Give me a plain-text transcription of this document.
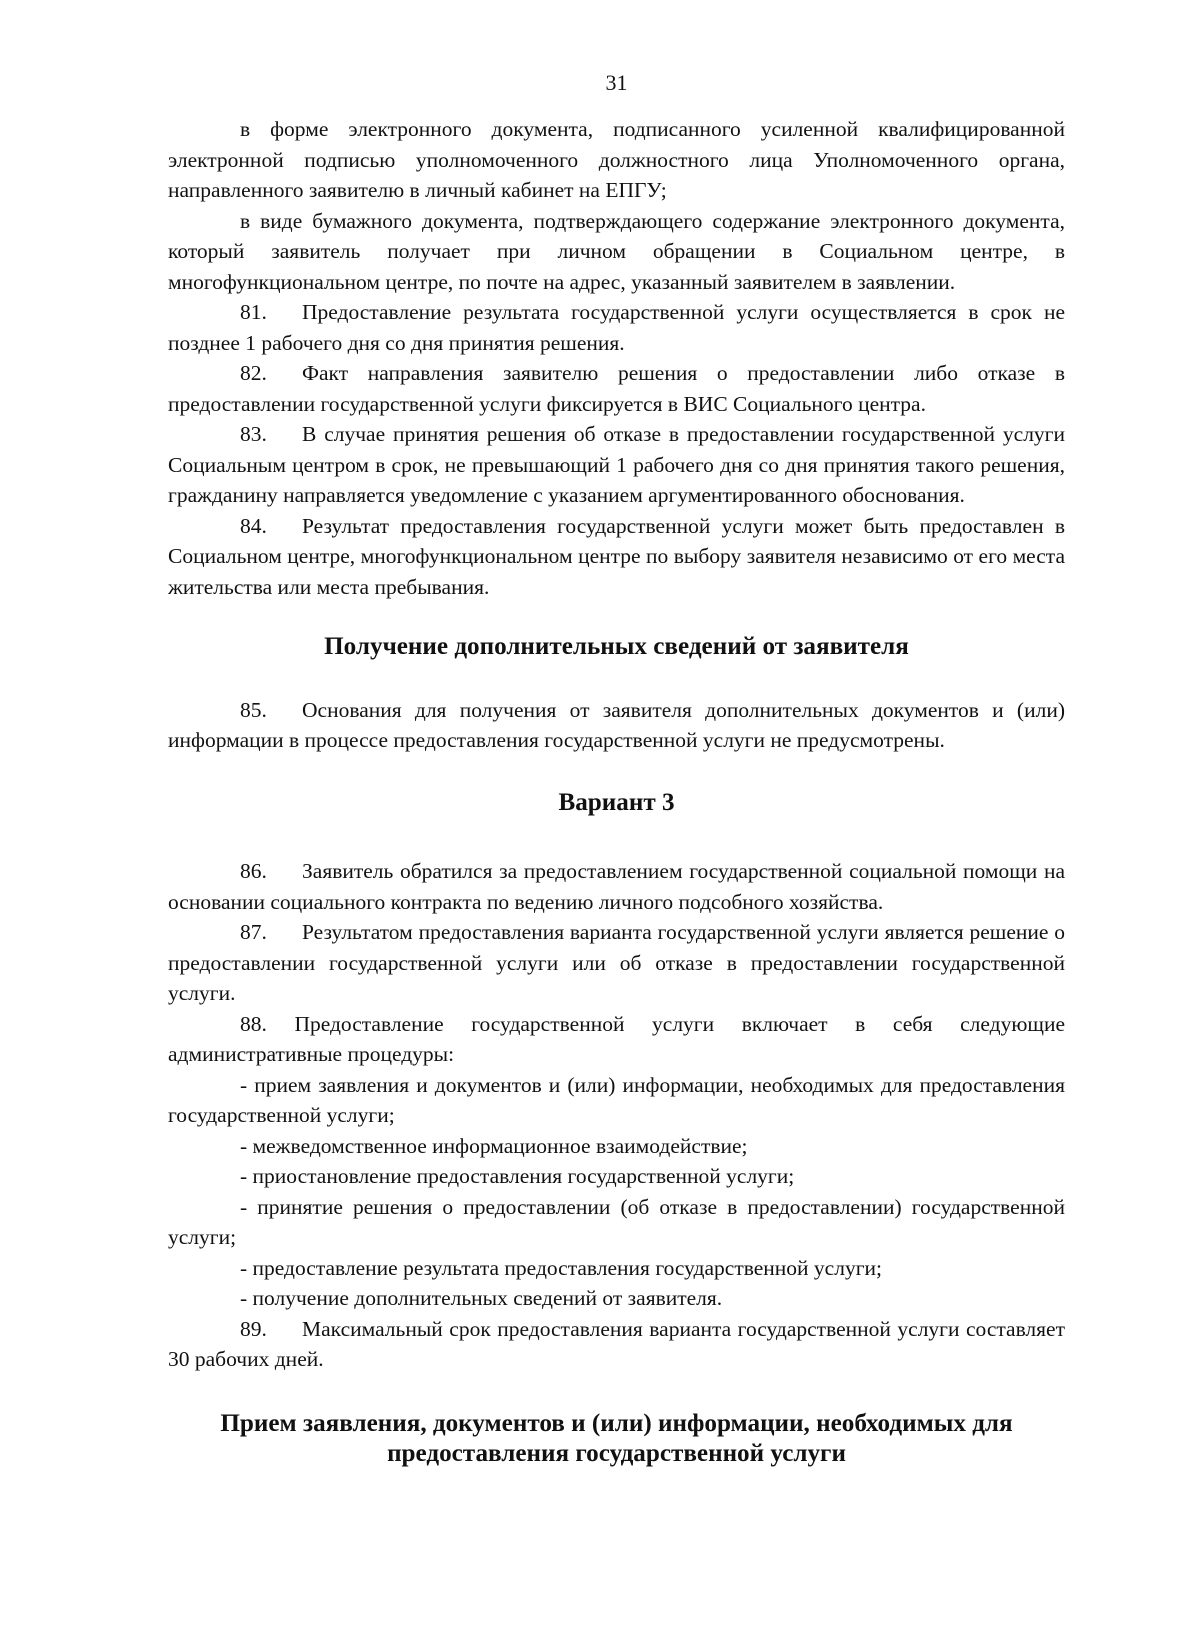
31

в форме электронного документа, подписанного усиленной квалифицированной электронной подписью уполномоченного должностного лица Уполномоченного органа, направленного заявителю в личный кабинет на ЕПГУ;

в виде бумажного документа, подтверждающего содержание электронного документа, который заявитель получает при личном обращении в Социальном центре, в многофункциональном центре, по почте на адрес, указанный заявителем в заявлении.

81. Предоставление результата государственной услуги осуществляется в срок не позднее 1 рабочего дня со дня принятия решения.

82. Факт направления заявителю решения о предоставлении либо отказе в предоставлении государственной услуги фиксируется в ВИС Социального центра.

83. В случае принятия решения об отказе в предоставлении государственной услуги Социальным центром в срок, не превышающий 1 рабочего дня со дня принятия такого решения, гражданину направляется уведомление с указанием аргументированного обоснования.

84. Результат предоставления государственной услуги может быть предоставлен в Социальном центре, многофункциональном центре по выбору заявителя независимо от его места жительства или места пребывания.

Получение дополнительных сведений от заявителя

85. Основания для получения от заявителя дополнительных документов и (или) информации в процессе предоставления государственной услуги не предусмотрены.

Вариант 3

86. Заявитель обратился за предоставлением государственной социальной помощи на основании социального контракта по ведению личного подсобного хозяйства.

87. Результатом предоставления варианта государственной услуги является решение о предоставлении государственной услуги или об отказе в предоставлении государственной услуги.

88. Предоставление государственной услуги включает в себя следующие административные процедуры:

- прием заявления и документов и (или) информации, необходимых для предоставления государственной услуги;

- межведомственное информационное взаимодействие;

- приостановление предоставления государственной услуги;

- принятие решения о предоставлении (об отказе в предоставлении) государственной услуги;

- предоставление результата предоставления государственной услуги;

- получение дополнительных сведений от заявителя.

89. Максимальный срок предоставления варианта государственной услуги составляет 30 рабочих дней.

Прием заявления, документов и (или) информации, необходимых для
предоставления государственной услуги
